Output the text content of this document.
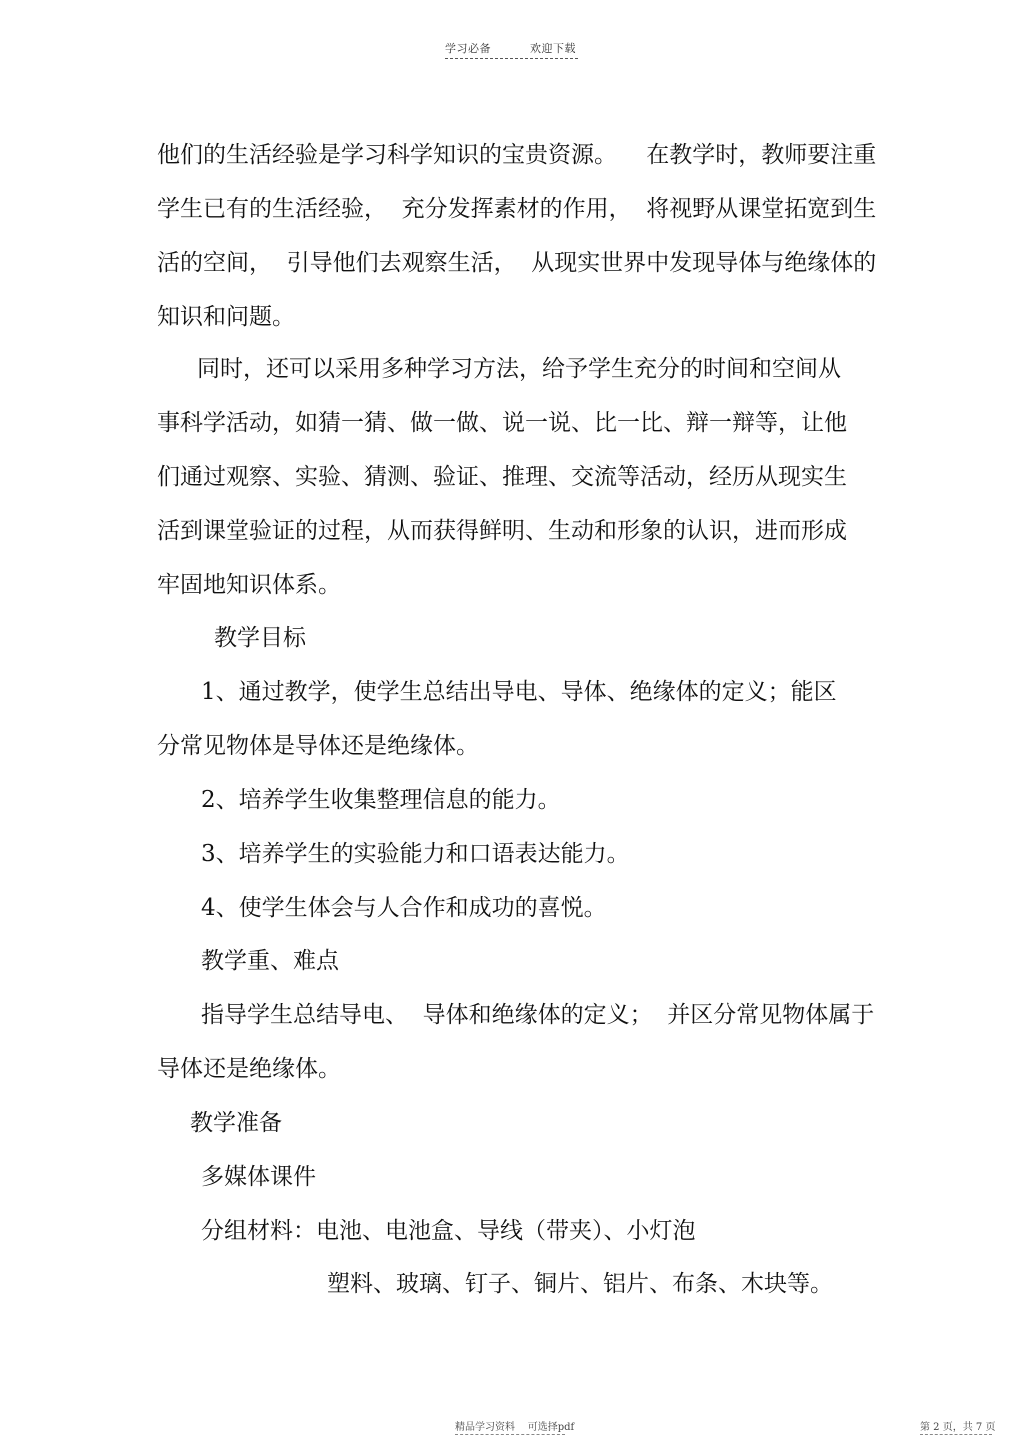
学习必备	欢迎下载
他们的生活经验是学习科学知识的宝贵资源。    在教学时，教师要注重
学生已有的生活经验，  充分发挥素材的作用，  将视野从课堂拓宽到生
活的空间，  引导他们去观察生活，  从现实世界中发现导体与绝缘体的
知识和问题。
同时，还可以采用多种学习方法，给予学生充分的时间和空间从
事科学活动，如猜一猜、做一做、说一说、比一比、辩一辩等，让他
们通过观察、实验、猜测、验证、推理、交流等活动，经历从现实生
活到课堂验证的过程，从而获得鲜明、生动和形象的认识，进而形成
牢固地知识体系。
教学目标
1、通过教学，使学生总结出导电、导体、绝缘体的定义；能区
分常见物体是导体还是绝缘体。
2、培养学生收集整理信息的能力。
3、培养学生的实验能力和口语表达能力。
4、使学生体会与人合作和成功的喜悦。
教学重、难点
指导学生总结导电、  导体和绝缘体的定义；  并区分常见物体属于
导体还是绝缘体。
教学准备
多媒体课件
分组材料：电池、电池盒、导线（带夹）、小灯泡
塑料、玻璃、钉子、铜片、铝片、布条、木块等。
精品学习资料    可选择pdf	第 2 页，共 7 页
